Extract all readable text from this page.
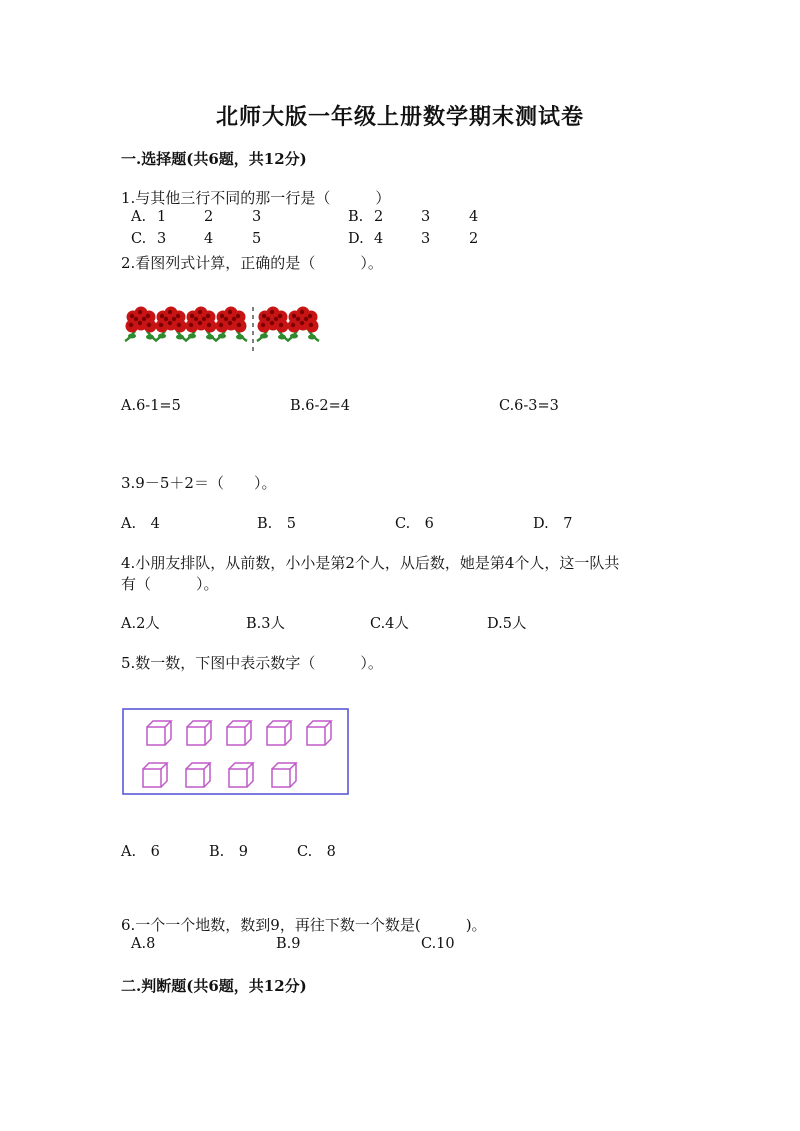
北师大版一年级上册数学期末测试卷
一.选择题(共6题，共12分)
1.与其他三行不同的那一行是（　　　）
A. 1	2	3	B. 2	3	4
C. 3	4	5	D. 4	3	2
2.看图列式计算，正确的是（　　　）。
A.6-1=5	B.6-2=4	C.6-3=3
3.9－5＋2＝（　　）。
A.　4	B.　5	C.　6	D.　7
4.小朋友排队，从前数，小小是第2个人，从后数，她是第4个人，这一队共
有（　　　）。
A.2人	B.3人	C.4人	D.5人
5.数一数，下图中表示数字（　　　）。
A.　6	B.　9	C.　8
6.一个一个地数，数到9，再往下数一个数是(　　　)。
A.8	B.9	C.10
二.判断题(共6题，共12分)
